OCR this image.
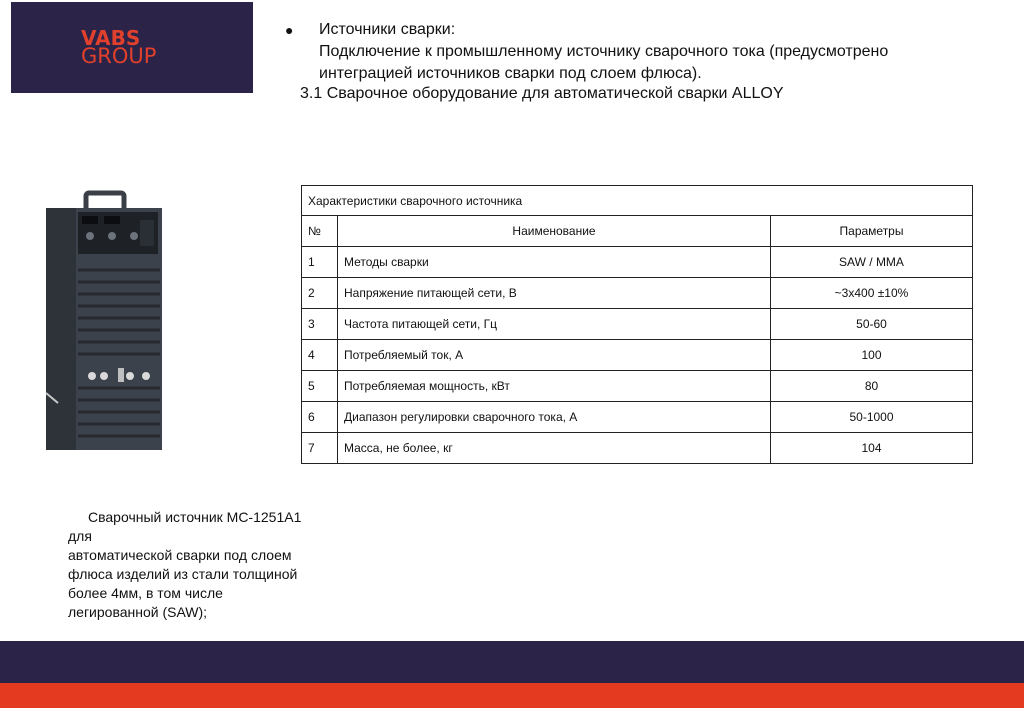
VABS
GROUP
● Источники сварки:
Подключение к промышленному источнику сварочного тока (предусмотрено
интеграцией источников сварки под слоем флюса).
3.1 Сварочное оборудование для автоматической сварки ALLOY
Характеристики сварочного источника		
№	Наименование	Параметры
1	Методы сварки	SAW / MMA
2	Напряжение питающей сети, В	~3х400 ±10%
3	Частота питающей сети, Гц	50-60
4	Потребляемый ток, А	100
5	Потребляемая мощность, кВт	80
6	Диапазон регулировки сварочного тока, А	50-1000
7	Масса, не более, кг	104
Сварочный источник МС-1251А1 для
автоматической сварки под слоем
флюса изделий из стали толщиной
более 4мм, в том числе
легированной (SAW);
